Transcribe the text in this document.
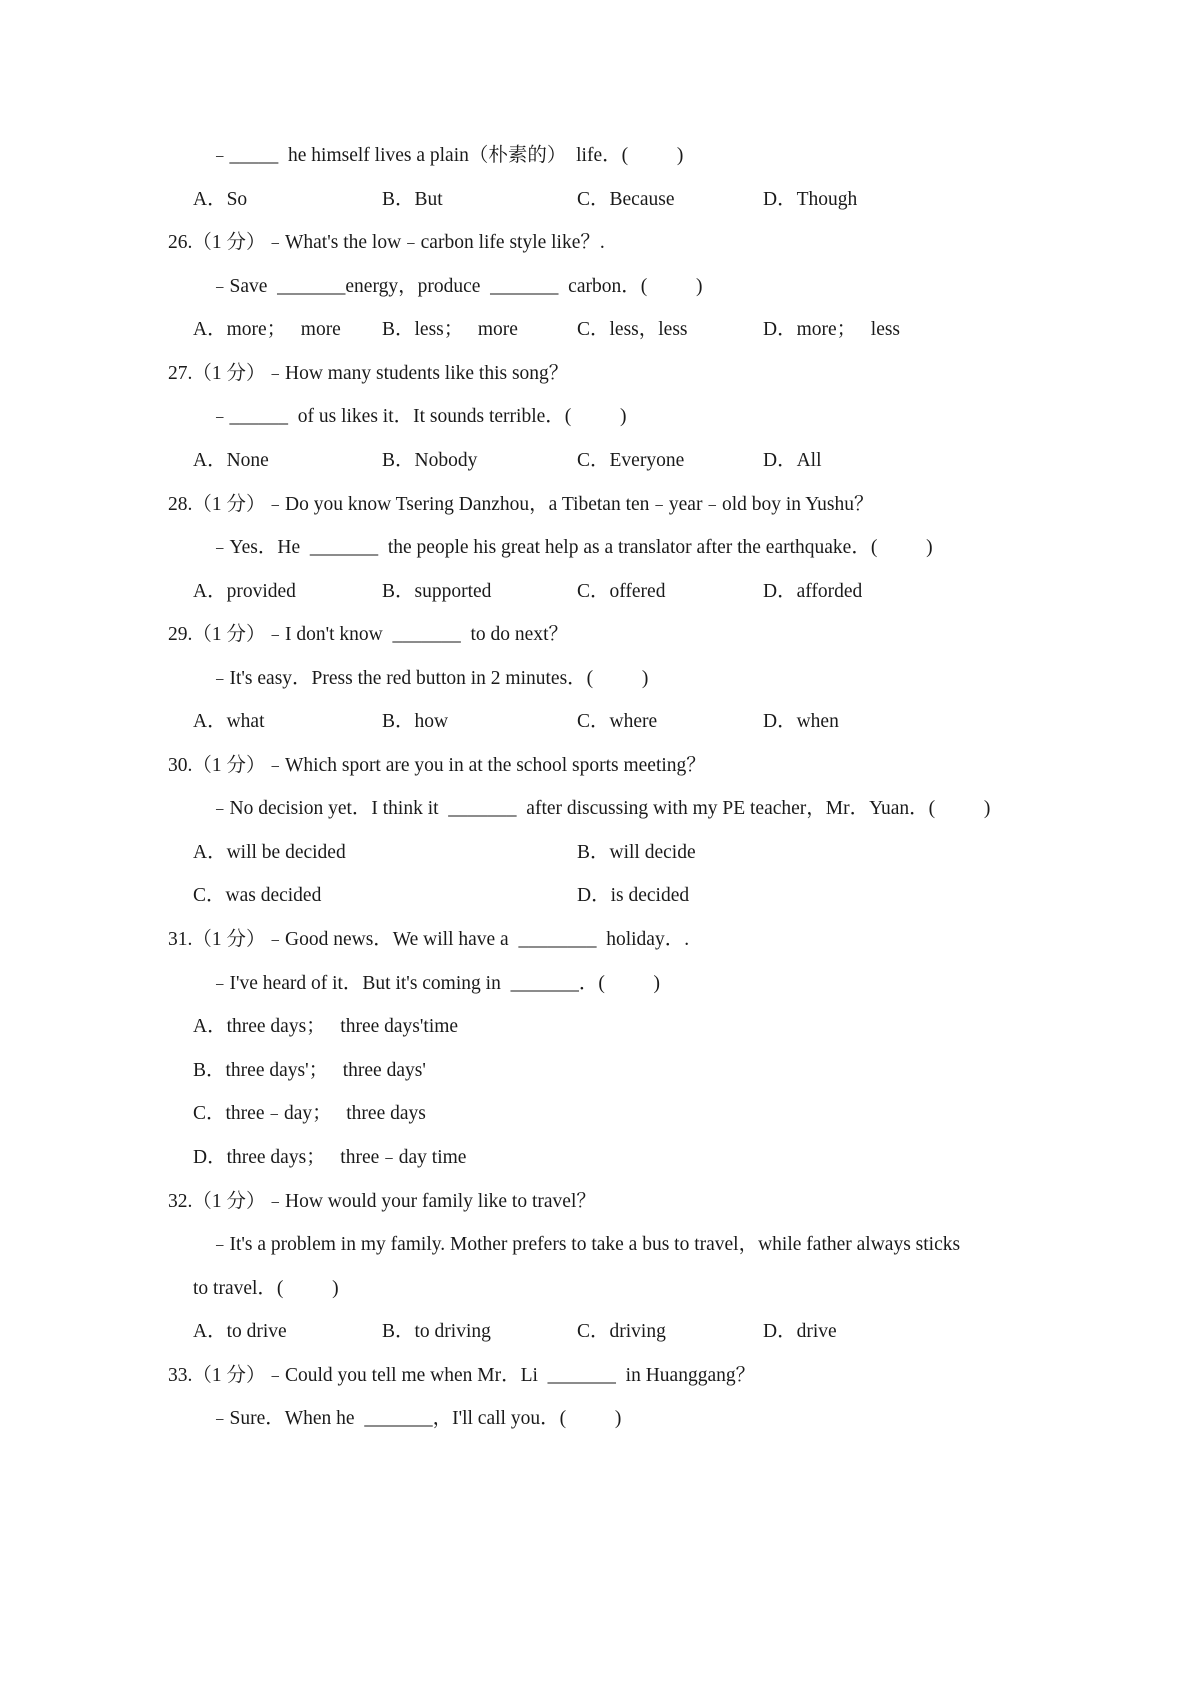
﹣_____  he himself lives a plain（朴素的）  life．(          )
A．So	B．But	C．Because	D．Though
26.（1 分）﹣What's the low﹣carbon life style like？.
﹣Save  _______energy，produce  _______  carbon．(          )
A．more；   more B．less；   more	C．less，less	D．more；   less
27.（1 分）﹣How many students like this song？
﹣______  of us likes it．It sounds terrible．(          )
A．None	B．Nobody	C．Everyone	D．All
28.（1 分）﹣Do you know Tsering Danzhou，a Tibetan ten﹣year﹣old boy in Yushu？
﹣Yes．He  _______  the people his great help as a translator after the earthquake．(          )
A．provided	B．supported	C．offered	D．afforded
29.（1 分）﹣I don't know  _______  to do next？
﹣It's easy．Press the red button in 2 minutes．(          )
A．what	B．how	C．where	D．when
30.（1 分）﹣Which sport are you in at the school sports meeting？
﹣No decision yet．I think it  _______  after discussing with my PE teacher，Mr．Yuan．(          )
A．will be decided	B．will decide
C．was decided	D．is decided
31.（1 分）﹣Good news．We will have a  ________  holiday．.
﹣I've heard of it．But it's coming in  _______．(          )
A．three days；   three days'time
B．three days'；   three days'
C．three﹣day；   three days
D．three days；   three﹣day time
32.（1 分）﹣How would your family like to travel？
﹣It's a problem in my family. Mother prefers to take a bus to travel，while father always sticks
to travel．(          )
A．to drive	B．to driving	C．driving	D．drive
33.（1 分）﹣Could you tell me when Mr．Li  _______  in Huanggang？
﹣Sure．When he  _______，I'll call you．(          )
